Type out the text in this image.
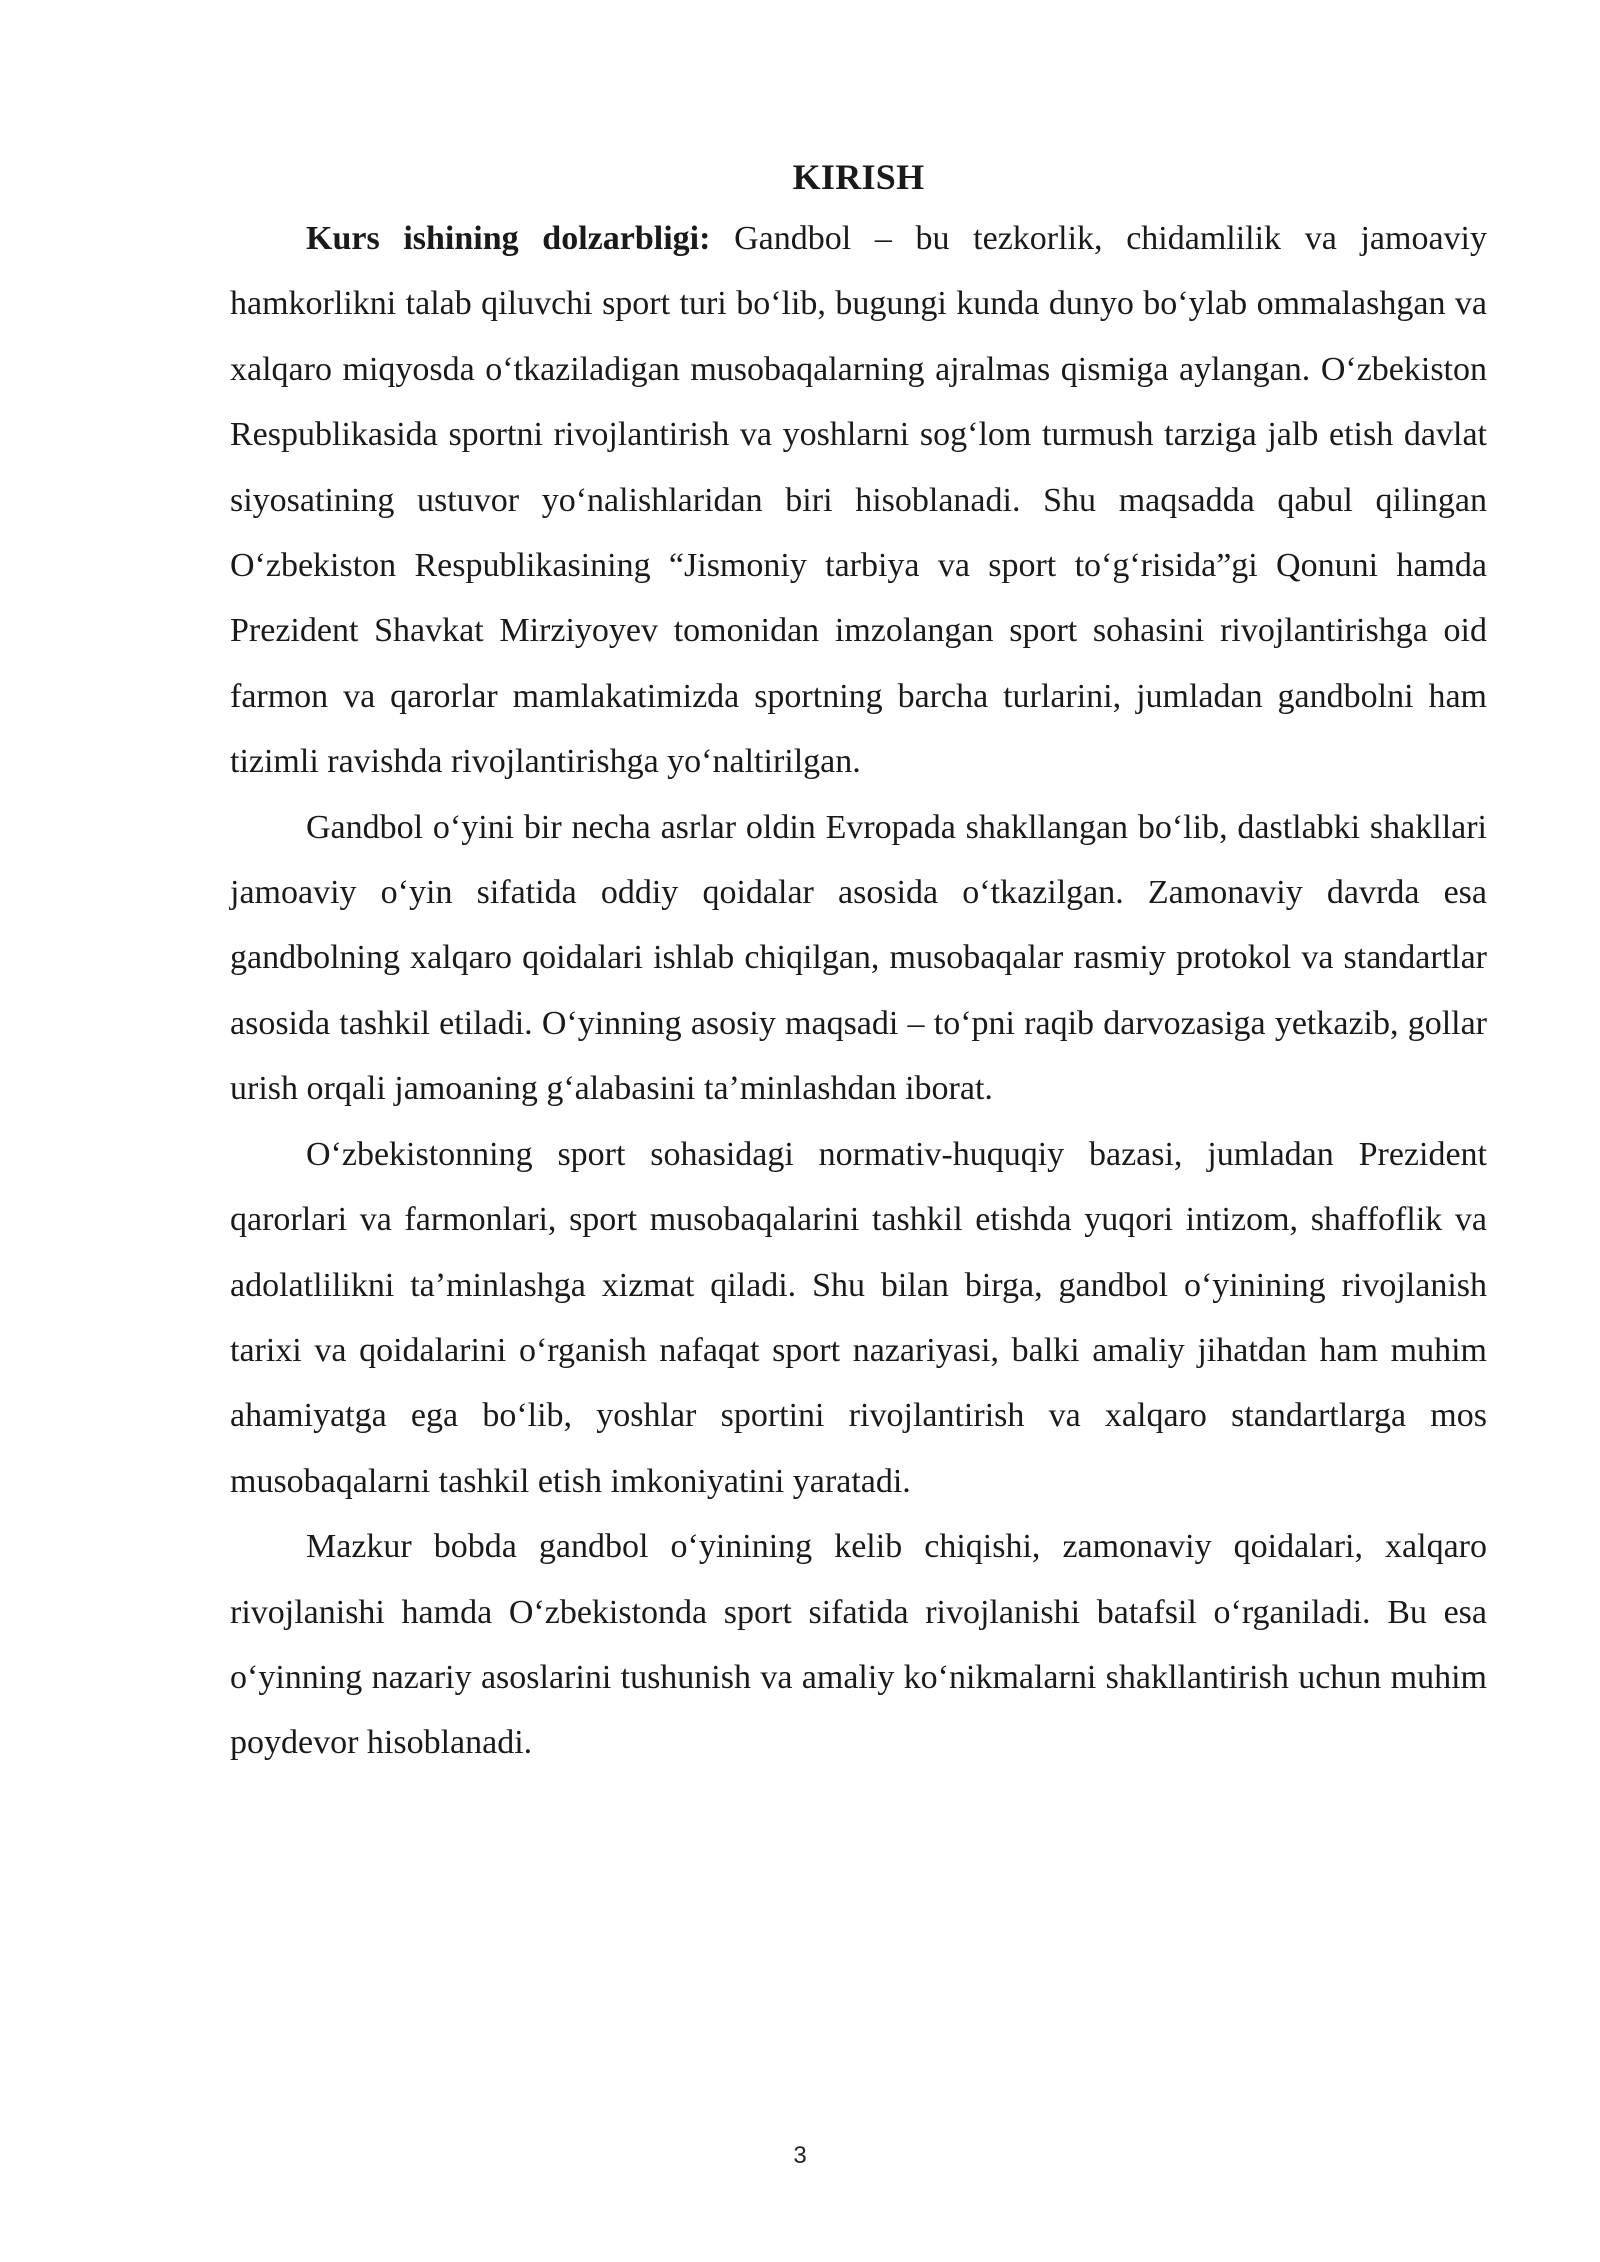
KIRISH

Kurs ishining dolzarbligi: Gandbol – bu tezkorlik, chidamlilik va jamoaviy hamkorlikni talab qiluvchi sport turi boʻlib, bugungi kunda dunyo boʻylab ommalashgan va xalqaro miqyosda oʻtkaziladigan musobaqalarning ajralmas qismiga aylangan. Oʻzbekiston Respublikasida sportni rivojlantirish va yoshlarni sogʻlom turmush tarziga jalb etish davlat siyosatining ustuvor yoʻnalishlaridan biri hisoblanadi. Shu maqsadda qabul qilingan Oʻzbekiston Respublikasining “Jismoniy tarbiya va sport toʻgʻrisida”gi Qonuni hamda Prezident Shavkat Mirziyoyev tomonidan imzolangan sport sohasini rivojlantirishga oid farmon va qarorlar mamlakatimizda sportning barcha turlarini, jumladan gandbolni ham tizimli ravishda rivojlantirishga yoʻnaltirilgan.

Gandbol oʻyini bir necha asrlar oldin Evropada shakllangan boʻlib, dastlabki shakllari jamoaviy oʻyin sifatida oddiy qoidalar asosida oʻtkazilgan. Zamonaviy davrda esa gandbolning xalqaro qoidalari ishlab chiqilgan, musobaqalar rasmiy protokol va standartlar asosida tashkil etiladi. Oʻyinning asosiy maqsadi – toʻpni raqib darvozasiga yetkazib, gollar urish orqali jamoaning gʻalabasini taʼminlashdan iborat.

Oʻzbekistonning sport sohasidagi normativ-huquqiy bazasi, jumladan Prezident qarorlari va farmonlari, sport musobaqalarini tashkil etishda yuqori intizom, shaffoflik va adolatlilikni taʼminlashga xizmat qiladi. Shu bilan birga, gandbol oʻyinining rivojlanish tarixi va qoidalarini oʻrganish nafaqat sport nazariyasi, balki amaliy jihatdan ham muhim ahamiyatga ega boʻlib, yoshlar sportini rivojlantirish va xalqaro standartlarga mos musobaqalarni tashkil etish imkoniyatini yaratadi.

Mazkur bobda gandbol oʻyinining kelib chiqishi, zamonaviy qoidalari, xalqaro rivojlanishi hamda Oʻzbekistonda sport sifatida rivojlanishi batafsil oʻrganiladi. Bu esa oʻyinning nazariy asoslarini tushunish va amaliy koʻnikmalarni shakllantirish uchun muhim poydevor hisoblanadi.

3
